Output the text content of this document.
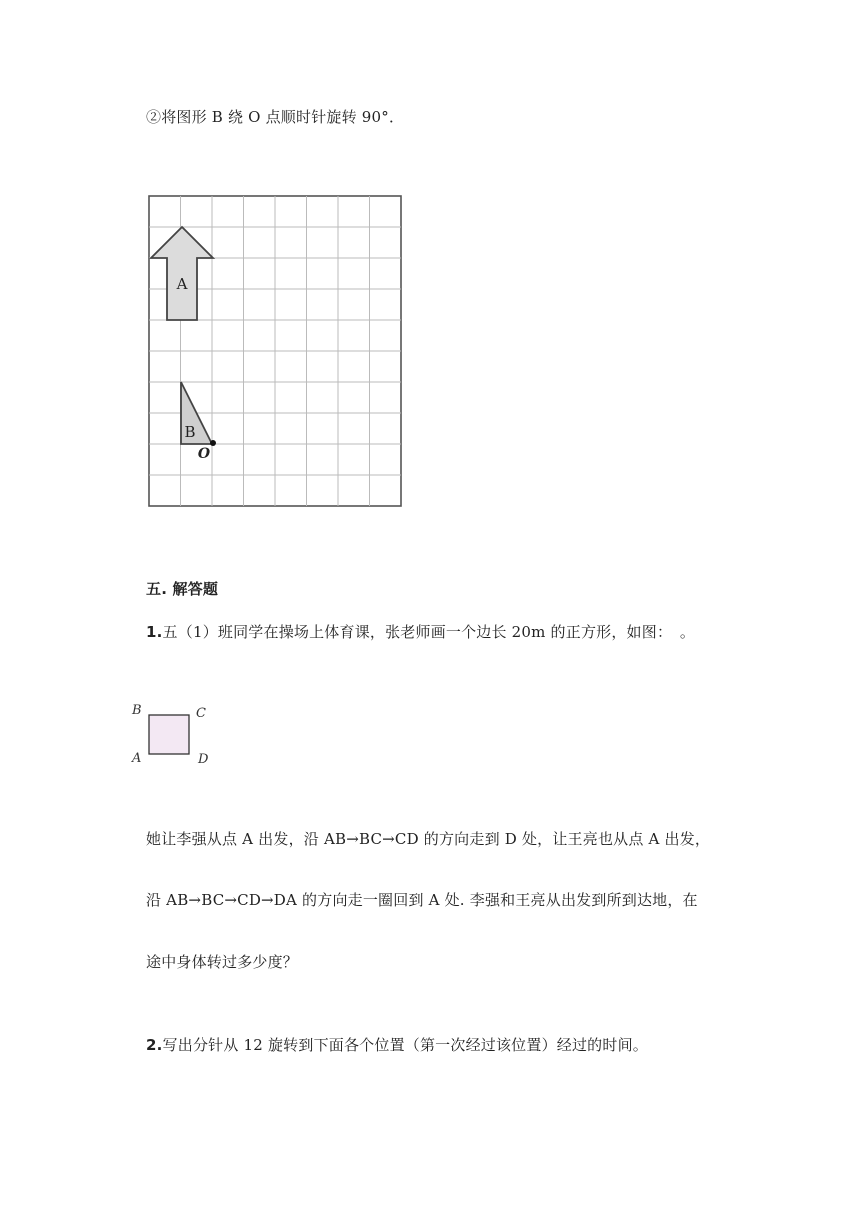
②将图形 B 绕 O 点顺时针旋转 90°．
A
B
O
五. 解答题
1.五（1）班同学在操场上体育课，张老师画一个边长 20m 的正方形，如图：　。
B	C
A	D
她让李强从点 A 出发，沿 AB→BC→CD 的方向走到 D 处，让王亮也从点 A 出发，
沿 AB→BC→CD→DA 的方向走一圈回到 A 处. 李强和王亮从出发到所到达地，在
途中身体转过多少度？
2.写出分针从 12 旋转到下面各个位置（第一次经过该位置）经过的时间。
